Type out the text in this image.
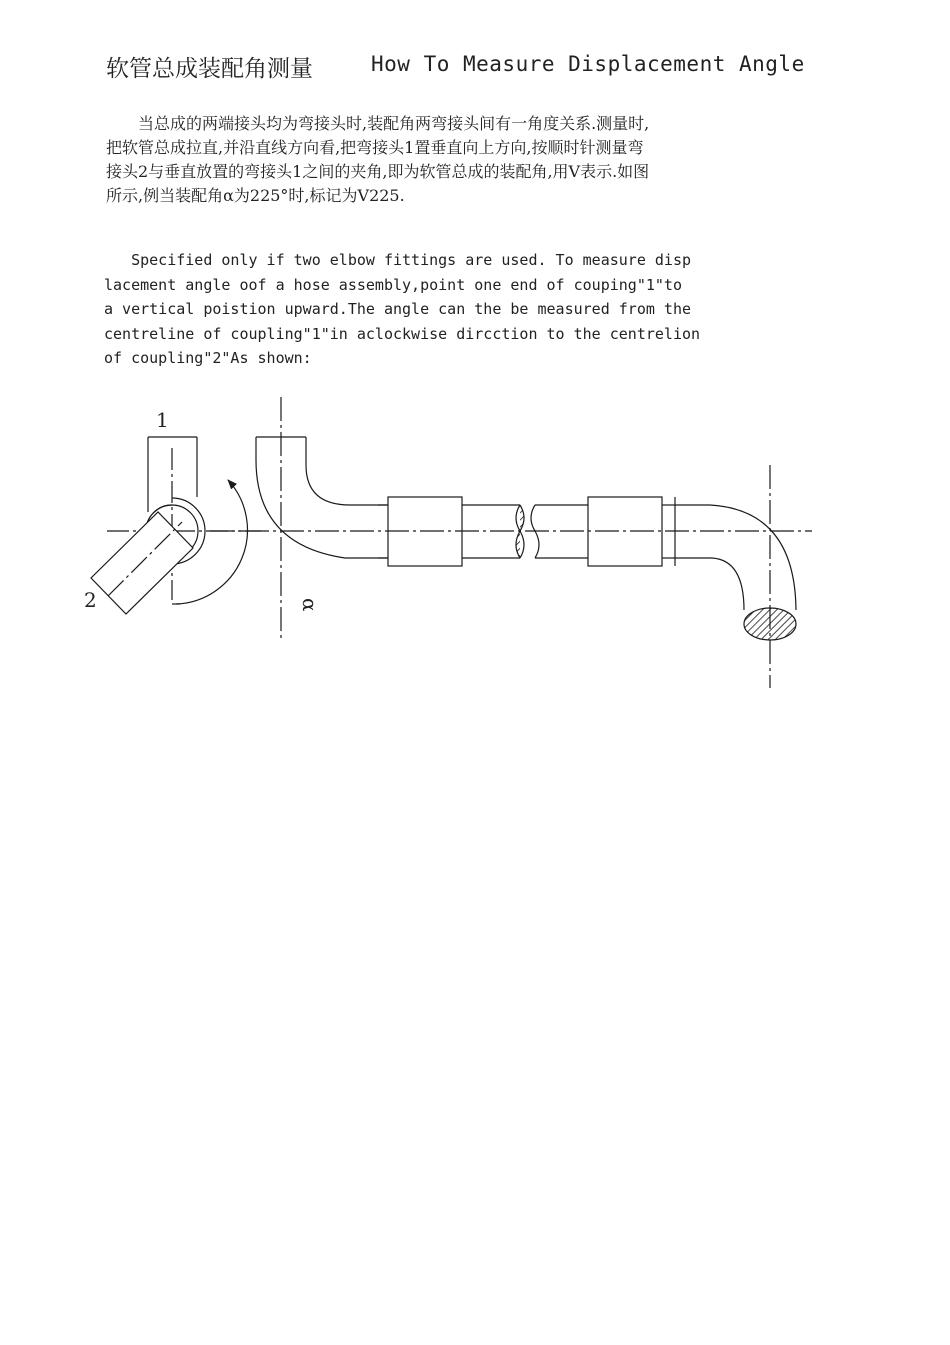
软管总成装配角测量	How To Measure Displacement Angle

　　当总成的两端接头均为弯接头时,装配角两弯接头间有一角度关系.测量时,

把软管总成拉直,并沿直线方向看,把弯接头1置垂直向上方向,按顺时针测量弯

接头2与垂直放置的弯接头1之间的夹角,即为软管总成的装配角,用V表示.如图

所示,例当装配角α为225°时,标记为V225.

Specified only if two elbow fittings are used. To measure disp

lacement angle oof a hose assembly,point one end of couping"1"to

a vertical poistion upward.The angle can the be measured from the

centreline of coupling"1"in aclockwise dircction to the centrelion

of coupling"2"As shown:

1
2	α
